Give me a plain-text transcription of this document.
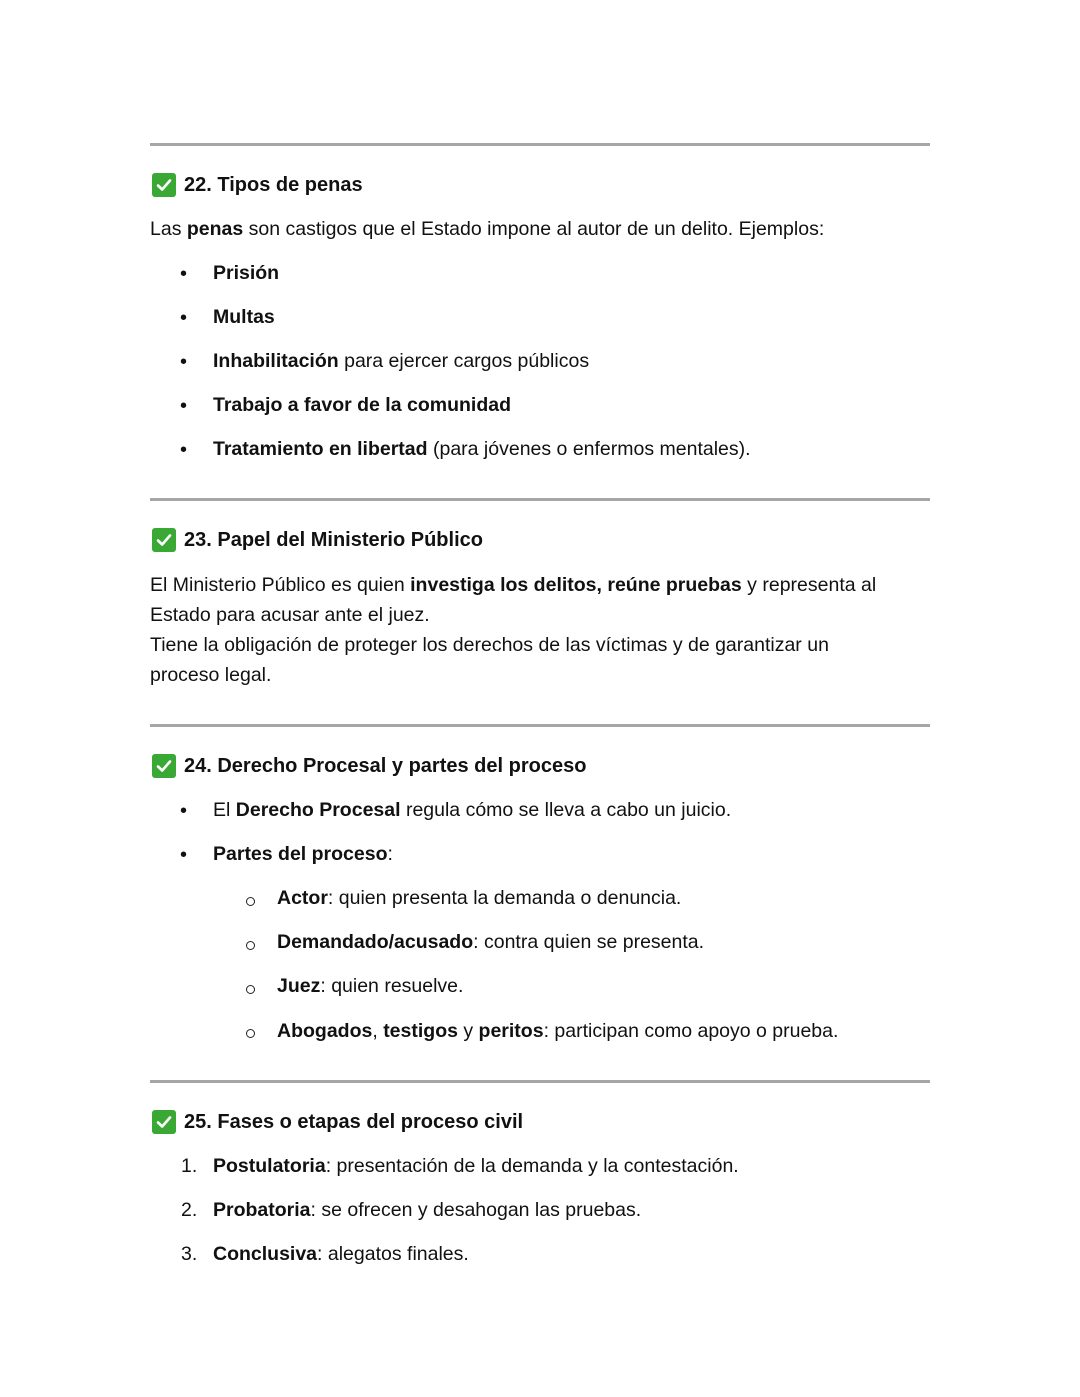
22. Tipos de penas
Las penas son castigos que el Estado impone al autor de un delito. Ejemplos:
• Prisión
• Multas
• Inhabilitación para ejercer cargos públicos
• Trabajo a favor de la comunidad
• Tratamiento en libertad (para jóvenes o enfermos mentales).
23. Papel del Ministerio Público
El Ministerio Público es quien investiga los delitos, reúne pruebas y representa al
Estado para acusar ante el juez.
Tiene la obligación de proteger los derechos de las víctimas y de garantizar un
proceso legal.
24. Derecho Procesal y partes del proceso
• El Derecho Procesal regula cómo se lleva a cabo un juicio.
• Partes del proceso:
Actor: quien presenta la demanda o denuncia.
Demandado/acusado: contra quien se presenta.
Juez: quien resuelve.
Abogados, testigos y peritos: participan como apoyo o prueba.
25. Fases o etapas del proceso civil
1. Postulatoria: presentación de la demanda y la contestación.
2. Probatoria: se ofrecen y desahogan las pruebas.
3. Conclusiva: alegatos finales.
